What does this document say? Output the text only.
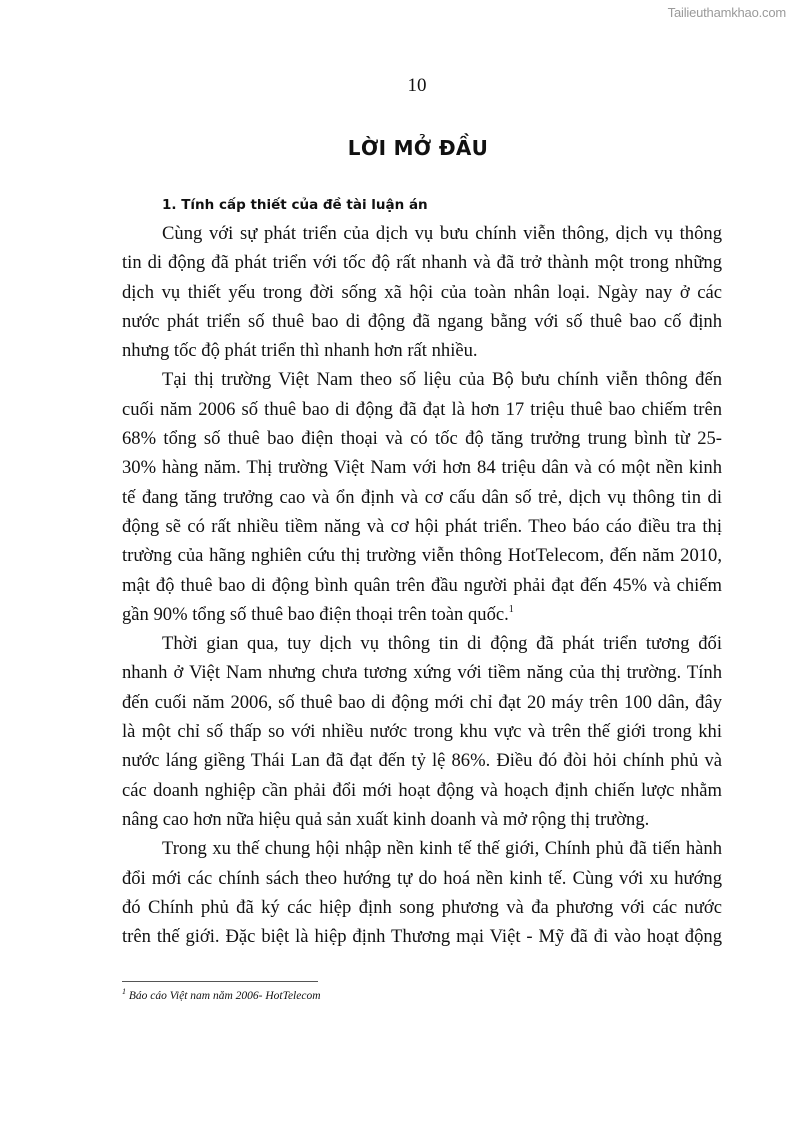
Tailieuthamkhao.com
10
LỜI MỞ ĐẦU
1. Tính cấp thiết của đề tài luận án
Cùng với sự phát triển của dịch vụ bưu chính viễn thông, dịch vụ thông
tin di động đã phát triển với tốc độ rất nhanh và đã trở thành một trong những
dịch vụ thiết yếu trong đời sống xã hội của toàn nhân loại. Ngày nay ở các
nước phát triển số thuê bao di động đã ngang bằng với số thuê bao cố định
nhưng tốc độ phát triển thì nhanh hơn rất nhiều.
Tại thị trường Việt Nam theo số liệu của Bộ bưu chính viễn thông đến
cuối năm 2006 số thuê bao di động đã đạt là hơn 17 triệu thuê bao chiếm trên
68% tổng số thuê bao điện thoại và có tốc độ tăng trưởng trung bình từ 25-
30% hàng năm. Thị trường Việt Nam với hơn 84 triệu dân và có một nền kinh
tế đang tăng trưởng cao và ổn định và cơ cấu dân số trẻ, dịch vụ thông tin di
động sẽ có rất nhiều tiềm năng và cơ hội phát triển. Theo báo cáo điều tra thị
trường của hãng nghiên cứu thị trường viễn thông HotTelecom, đến năm 2010,
mật độ thuê bao di động bình quân trên đầu người phải đạt đến 45% và chiếm
gần 90% tổng số thuê bao điện thoại trên toàn quốc.$^1$
Thời gian qua, tuy dịch vụ thông tin di động đã phát triển tương đối
nhanh ở Việt Nam nhưng chưa tương xứng với tiềm năng của thị trường. Tính
đến cuối năm 2006, số thuê bao di động mới chỉ đạt 20 máy trên 100 dân, đây
là một chỉ số thấp so với nhiều nước trong khu vực và trên thế giới trong khi
nước láng giềng Thái Lan đã đạt đến tỷ lệ 86%. Điều đó đòi hỏi chính phủ và
các doanh nghiệp cần phải đổi mới hoạt động và hoạch định chiến lược nhằm
nâng cao hơn nữa hiệu quả sản xuất kinh doanh và mở rộng thị trường.
Trong xu thế chung hội nhập nền kinh tế thế giới, Chính phủ đã tiến hành
đổi mới các chính sách theo hướng tự do hoá nền kinh tế. Cùng với xu hướng
đó Chính phủ đã ký các hiệp định song phương và đa phương với các nước
trên thế giới. Đặc biệt là hiệp định Thương mại Việt - Mỹ đã đi vào hoạt động
$^1$ Báo cáo Việt nam năm 2006- HotTelecom
